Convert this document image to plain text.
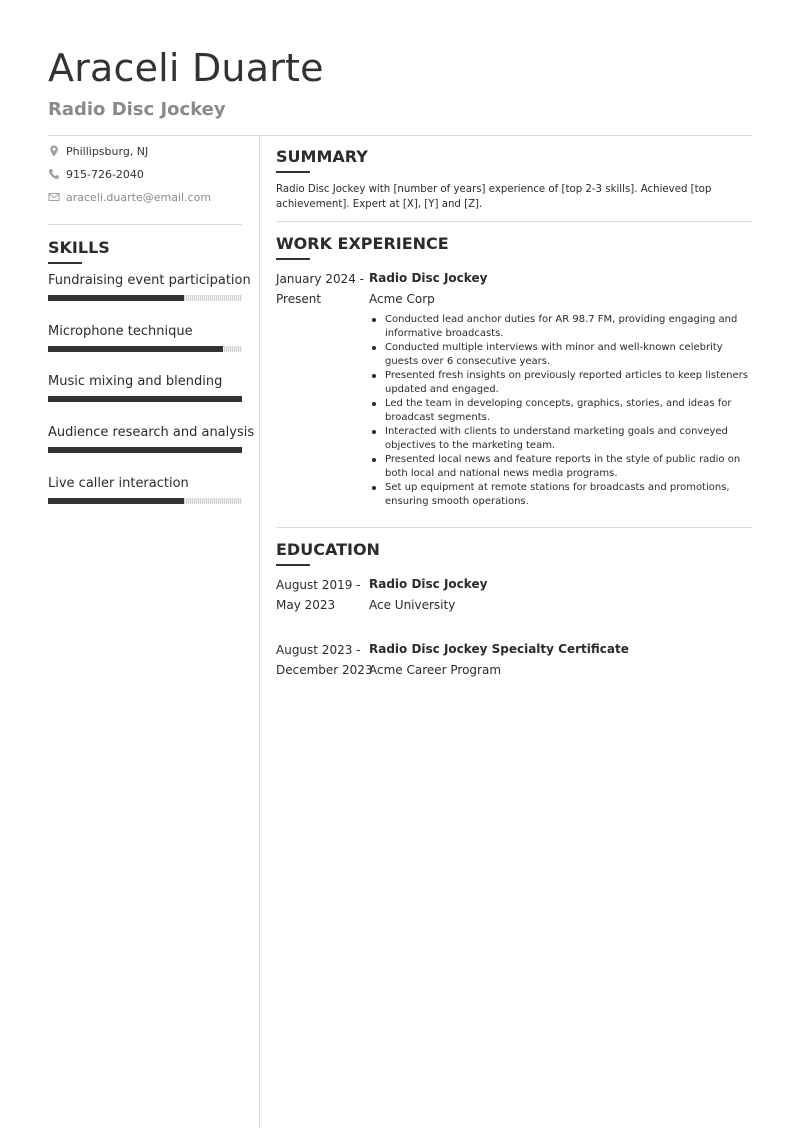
Araceli Duarte
Radio Disc Jockey
Phillipsburg, NJ
915-726-2040
araceli.duarte@email.com
SKILLS
Fundraising event participation
Microphone technique
Music mixing and blending
Audience research and analysis
Live caller interaction
SUMMARY
Radio Disc Jockey with [number of years] experience of [top 2-3 skills]. Achieved [top achievement]. Expert at [X], [Y] and [Z].
WORK EXPERIENCE
January 2024 -
Present
Radio Disc Jockey
Acme Corp
Conducted lead anchor duties for AR 98.7 FM, providing engaging and informative broadcasts.
Conducted multiple interviews with minor and well-known celebrity guests over 6 consecutive years.
Presented fresh insights on previously reported articles to keep listeners updated and engaged.
Led the team in developing concepts, graphics, stories, and ideas for broadcast segments.
Interacted with clients to understand marketing goals and conveyed objectives to the marketing team.
Presented local news and feature reports in the style of public radio on both local and national news media programs.
Set up equipment at remote stations for broadcasts and promotions, ensuring smooth operations.
EDUCATION
August 2019 -
May 2023
Radio Disc Jockey
Ace University
August 2023 -
December 2023
Radio Disc Jockey Specialty Certificate
Acme Career Program
